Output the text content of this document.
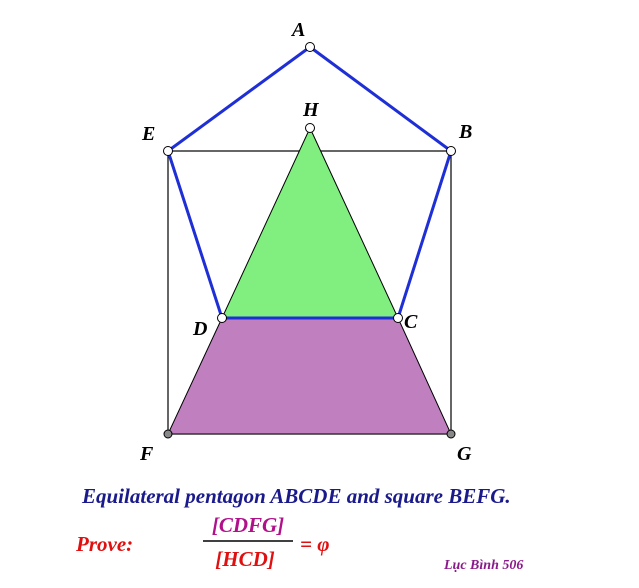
A
B
C
D
E
F	G
H
Equilateral pentagon ABCDE and square BEFG.
Prove:
[CDFG]
[HCD]
= φ
Lục Bình 506
